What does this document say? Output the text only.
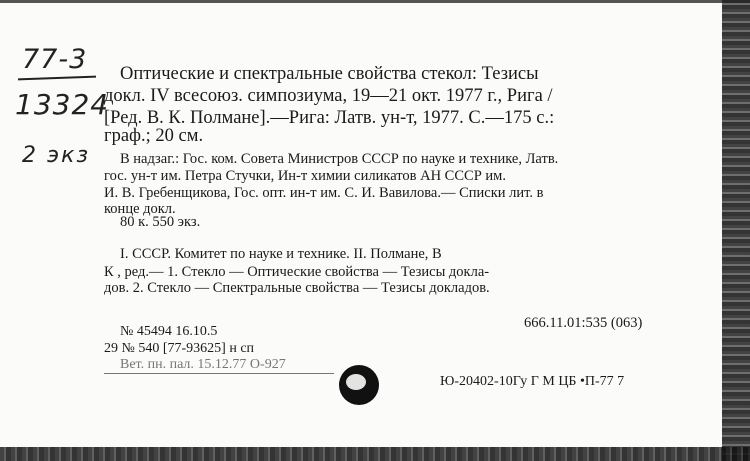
77-3
13324
2 экз
Оптические и спектральные свойства стекол: Тезисы
докл. IV всесоюз. симпозиума, 19—21 окт. 1977 г., Рига /
[Ред. В. К. Полмане].—Рига: Латв. ун-т, 1977. С.—175 с.:
граф.; 20 см.
В надзаг.: Гос. ком. Совета Министров СССР по науке и технике, Латв.
гос. ун-т им. Петра Стучки, Ин-т химии силикатов АН СССР им.
И. В. Гребенщикова, Гос. опт. ин-т им. С. И. Вавилова.— Списки лит. в
конце докл.
80 к. 550 экз.
I. СССР. Комитет по науке и технике. II. Полмане, В
К , ред.— 1. Стекло — Оптические свойства — Тезисы докла-
дов. 2. Стекло — Спектральные свойства — Тезисы докладов.
666.11.01:535 (063)
№ 45494 16.10.5
29 № 540 [77-93625] н сп
Вет. пн. пал. 15.12.77 О-927
Ю-20402-10Гу Г М ЦБ •П-77 7
